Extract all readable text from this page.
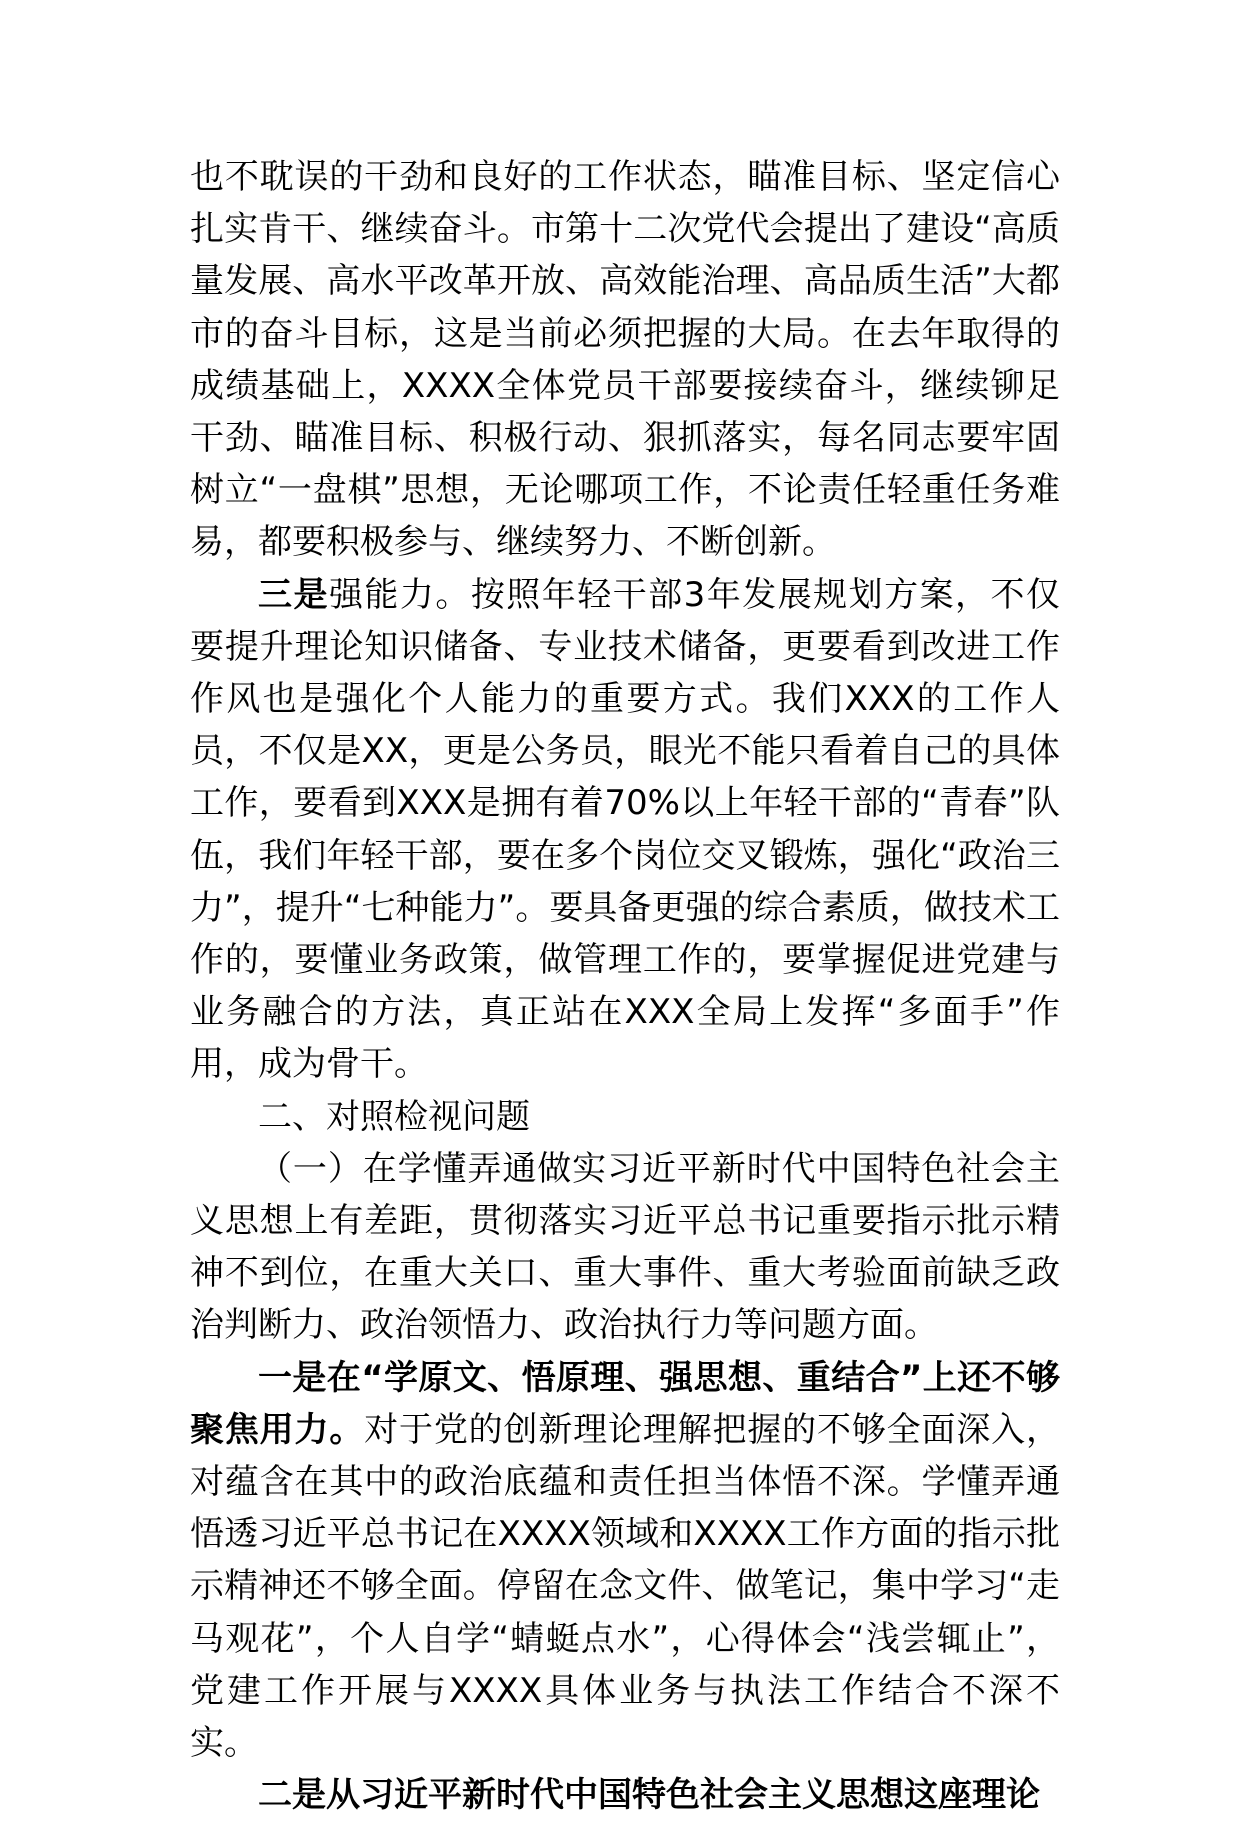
也不耽误的干劲和良好的工作状态，瞄准目标、坚定信心扎实肯干、继续奋斗。市第十二次党代会提出了建设“高质量发展、高水平改革开放、高效能治理、高品质生活”大都市的奋斗目标，这是当前必须把握的大局。在去年取得的成绩基础上，XXXX全体党员干部要接续奋斗，继续铆足干劲、瞄准目标、积极行动、狠抓落实，每名同志要牢固树立“一盘棋”思想，无论哪项工作，不论责任轻重任务难易，都要积极参与、继续努力、不断创新。

三是强能力。按照年轻干部3年发展规划方案，不仅要提升理论知识储备、专业技术储备，更要看到改进工作作风也是强化个人能力的重要方式。我们XXX的工作人员，不仅是XX，更是公务员，眼光不能只看着自己的具体工作，要看到XXX是拥有着70%以上年轻干部的“青春”队伍，我们年轻干部，要在多个岗位交叉锻炼，强化“政治三力”，提升“七种能力”。要具备更强的综合素质，做技术工作的，要懂业务政策，做管理工作的，要掌握促进党建与业务融合的方法，真正站在XXX全局上发挥“多面手”作用，成为骨干。

二、对照检视问题

（一）在学懂弄通做实习近平新时代中国特色社会主义思想上有差距，贯彻落实习近平总书记重要指示批示精神不到位，在重大关口、重大事件、重大考验面前缺乏政治判断力、政治领悟力、政治执行力等问题方面。

一是在“学原文、悟原理、强思想、重结合”上还不够聚焦用力。对于党的创新理论理解把握的不够全面深入，对蕴含在其中的政治底蕴和责任担当体悟不深。学懂弄通悟透习近平总书记在XXXX领域和XXXX工作方面的指示批示精神还不够全面。停留在念文件、做笔记，集中学习“走马观花”，个人自学“蜻蜓点水”，心得体会“浅尝辄止”，党建工作开展与XXXX具体业务与执法工作结合不深不实。

二是从习近平新时代中国特色社会主义思想这座理论
